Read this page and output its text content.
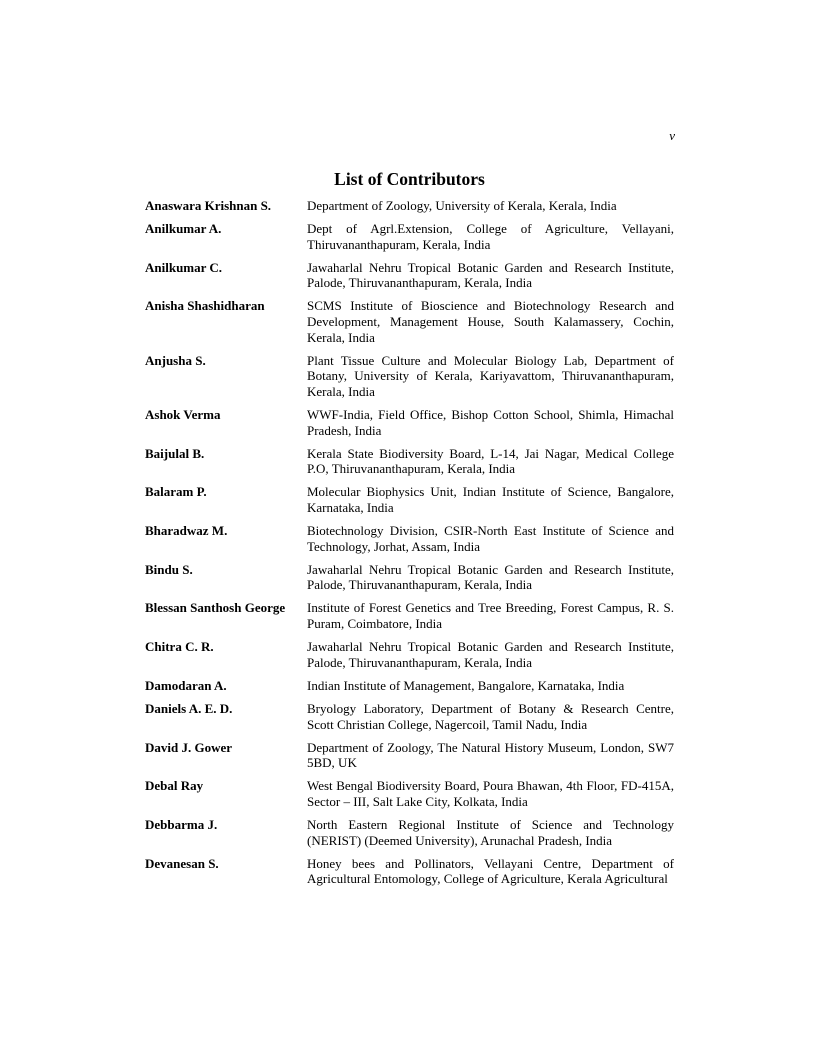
v
List of Contributors
Anaswara Krishnan S.	Department of Zoology, University of Kerala, Kerala, India
Anilkumar A.	Dept of Agrl.Extension, College of Agriculture, Vellayani, Thiruvananthapuram, Kerala, India
Anilkumar C.	Jawaharlal Nehru Tropical Botanic Garden and Research Institute, Palode, Thiruvananthapuram, Kerala, India
Anisha Shashidharan	SCMS Institute of Bioscience and Biotechnology Research and Development, Management House, South Kalamassery, Cochin, Kerala, India
Anjusha S.	Plant Tissue Culture and Molecular Biology Lab, Department of Botany, University of Kerala, Kariyavattom, Thiruvananthapuram, Kerala, India
Ashok Verma	WWF-India, Field Office, Bishop Cotton School, Shimla, Himachal Pradesh, India
Baijulal B.	Kerala State Biodiversity Board, L-14, Jai Nagar, Medical College P.O, Thiruvananthapuram, Kerala, India
Balaram P.	Molecular Biophysics Unit, Indian Institute of Science, Bangalore, Karnataka, India
Bharadwaz M.	Biotechnology Division, CSIR-North East Institute of Science and Technology, Jorhat, Assam, India
Bindu S.	Jawaharlal Nehru Tropical Botanic Garden and Research Institute, Palode, Thiruvananthapuram, Kerala, India
Blessan Santhosh George	Institute of Forest Genetics and Tree Breeding, Forest Campus, R. S. Puram, Coimbatore, India
Chitra C. R.	Jawaharlal Nehru Tropical Botanic Garden and Research Institute, Palode, Thiruvananthapuram, Kerala, India
Damodaran A.	Indian Institute of Management, Bangalore, Karnataka, India
Daniels A. E. D.	Bryology Laboratory, Department of Botany & Research Centre, Scott Christian College, Nagercoil, Tamil Nadu, India
David J. Gower	Department of Zoology, The Natural History Museum, London, SW7 5BD, UK
Debal Ray	West Bengal Biodiversity Board, Poura Bhawan, 4th Floor, FD-415A, Sector – III, Salt Lake City, Kolkata, India
Debbarma J.	North Eastern Regional Institute of Science and Technology (NERIST) (Deemed University), Arunachal Pradesh, India
Devanesan S.	Honey bees and Pollinators, Vellayani Centre, Department of Agricultural Entomology, College of Agriculture, Kerala Agricultural
